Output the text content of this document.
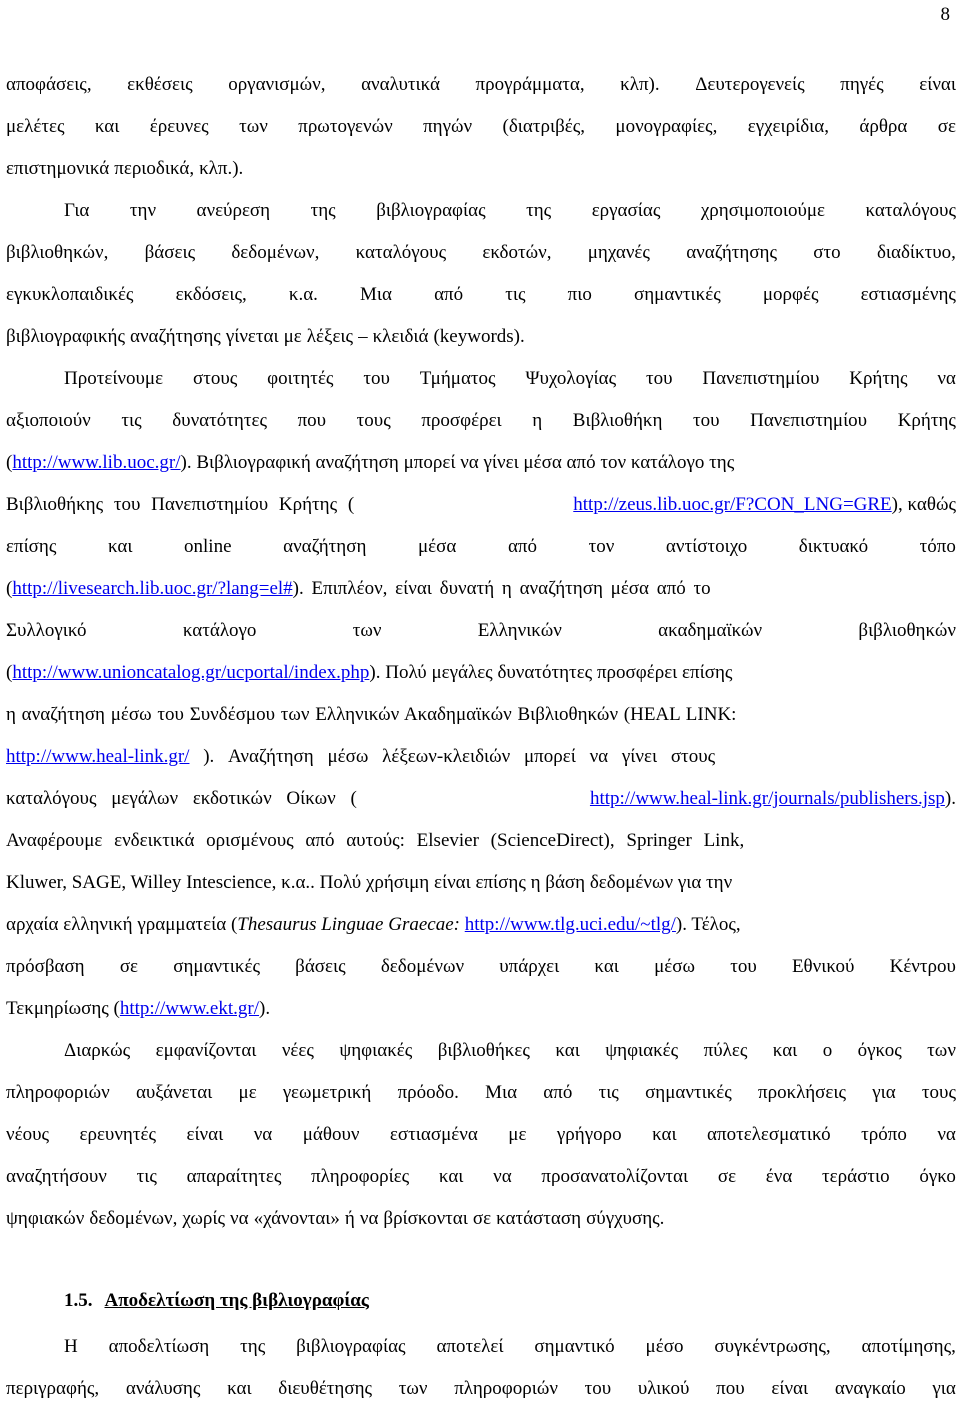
8
αποφάσεις, εκθέσεις οργανισμών, αναλυτικά προγράμματα, κλπ). Δευτερογενείς πηγές είναι
μελέτες και έρευνες των πρωτογενών πηγών (διατριβές, μονογραφίες, εγχειρίδια, άρθρα σε
επιστημονικά περιοδικά, κλπ.).
Για την ανεύρεση της βιβλιογραφίας της εργασίας χρησιμοποιούμε καταλόγους
βιβλιοθηκών, βάσεις δεδομένων, καταλόγους εκδοτών, μηχανές αναζήτησης στο διαδίκτυο,
εγκυκλοπαιδικές εκδόσεις, κ.α. Μια από τις πιο σημαντικές μορφές εστιασμένης
βιβλιογραφικής αναζήτησης γίνεται με λέξεις – κλειδιά (keywords).
Προτείνουμε στους φοιτητές του Τμήματος Ψυχολογίας του Πανεπιστημίου Κρήτης να
αξιοποιούν τις δυνατότητες που τους προσφέρει η Βιβλιοθήκη του Πανεπιστημίου Κρήτης
(http://www.lib.uoc.gr/). Βιβλιογραφική αναζήτηση μπορεί να γίνει μέσα από τον κατάλογο της
Βιβλιοθήκης του Πανεπιστημίου Κρήτης (	http://zeus.lib.uoc.gr/F?CON_LNG=GRE), καθώς
επίσης	και	online	αναζήτηση	μέσα	από	τον	αντίστοιχο	δικτυακό	τόπο
(http://livesearch.lib.uoc.gr/?lang=el#). Επιπλέον, είναι δυνατή η αναζήτηση μέσα από το
Συλλογικό	κατάλογο	των	Ελληνικών	ακαδημαϊκών	βιβλιοθηκών
(http://www.unioncatalog.gr/ucportal/index.php). Πολύ μεγάλες δυνατότητες προσφέρει επίσης
η αναζήτηση μέσω του Συνδέσμου των Ελληνικών Ακαδημαϊκών Βιβλιοθηκών (HEAL LINK:
http://www.heal-link.gr/ ). Αναζήτηση μέσω λέξεων-κλειδιών μπορεί να γίνει στους
καταλόγους μεγάλων εκδοτικών Οίκων (	http://www.heal-link.gr/journals/publishers.jsp).
Αναφέρουμε ενδεικτικά ορισμένους από αυτούς: Elsevier (ScienceDirect), Springer Link,
Kluwer, SAGE, Willey Intescience, κ.α.. Πολύ χρήσιμη είναι επίσης η βάση δεδομένων για την
αρχαία ελληνική γραμματεία (Thesaurus Linguae Graecae: http://www.tlg.uci.edu/~tlg/). Τέλος,
πρόσβαση σε σημαντικές βάσεις δεδομένων υπάρχει και μέσω του Εθνικού Κέντρου
Τεκμηρίωσης (http://www.ekt.gr/).
Διαρκώς εμφανίζονται νέες ψηφιακές βιβλιοθήκες και ψηφιακές πύλες και ο όγκος των
πληροφοριών αυξάνεται με γεωμετρική πρόοδο. Μια από τις σημαντικές προκλήσεις για τους
νέους ερευνητές είναι να μάθουν εστιασμένα με γρήγορο και αποτελεσματικό τρόπο να
αναζητήσουν τις απαραίτητες πληροφορίες και να προσανατολίζονται σε ένα τεράστιο όγκο
ψηφιακών δεδομένων, χωρίς να «χάνονται» ή να βρίσκονται σε κατάσταση σύγχυσης.
1.5. Αποδελτίωση της βιβλιογραφίας
Η αποδελτίωση της βιβλιογραφίας αποτελεί σημαντικό μέσο συγκέντρωσης, αποτίμησης,
περιγραφής, ανάλυσης και διευθέτησης των πληροφοριών του υλικού που είναι αναγκαίο για
